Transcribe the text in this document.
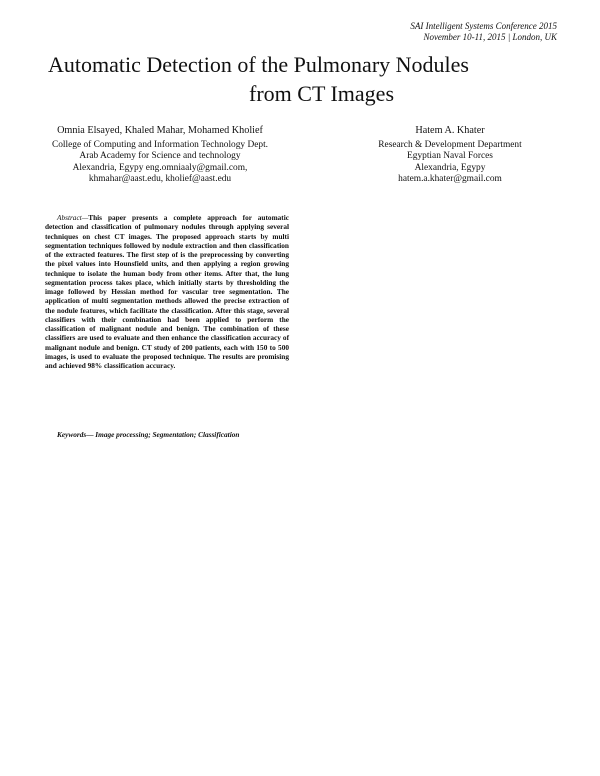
SAI Intelligent Systems Conference 2015
November 10-11, 2015 | London, UK
Automatic Detection of the Pulmonary Nodules
from CT Images
Omnia Elsayed, Khaled Mahar, Mohamed Kholief
College of Computing and Information Technology Dept.
Arab Academy for Science and technology
Alexandria, Egypy eng.omniaaly@gmail.com,
khmahar@aast.edu, kholief@aast.edu
Hatem A. Khater
Research & Development Department
Egyptian Naval Forces
Alexandria, Egypy
hatem.a.khater@gmail.com

Abstract—This paper presents a complete approach for automatic detection and classification of pulmonary nodules through applying several techniques on chest CT images. The proposed approach starts by multi segmentation techniques followed by nodule extraction and then classification of the extracted features. The first step of is the preprocessing by converting the pixel values into Hounsfield units, and then applying a region growing technique to isolate the human body from other items. After that, the lung segmentation process takes place, which initially starts by thresholding the image followed by Hessian method for vascular tree segmentation. The application of multi segmentation methods allowed the precise extraction of the nodule features, which facilitate the classification. After this stage, several classifiers with their combination had been applied to perform the classification of malignant nodule and benign. The combination of these classifiers are used to evaluate and then enhance the classification accuracy of malignant nodule and benign. CT study of 200 patients, each with 150 to 500 images, is used to evaluate the proposed technique. The results are promising and achieved 98% classification accuracy.

Keywords— Image processing; Segmentation; Classification
